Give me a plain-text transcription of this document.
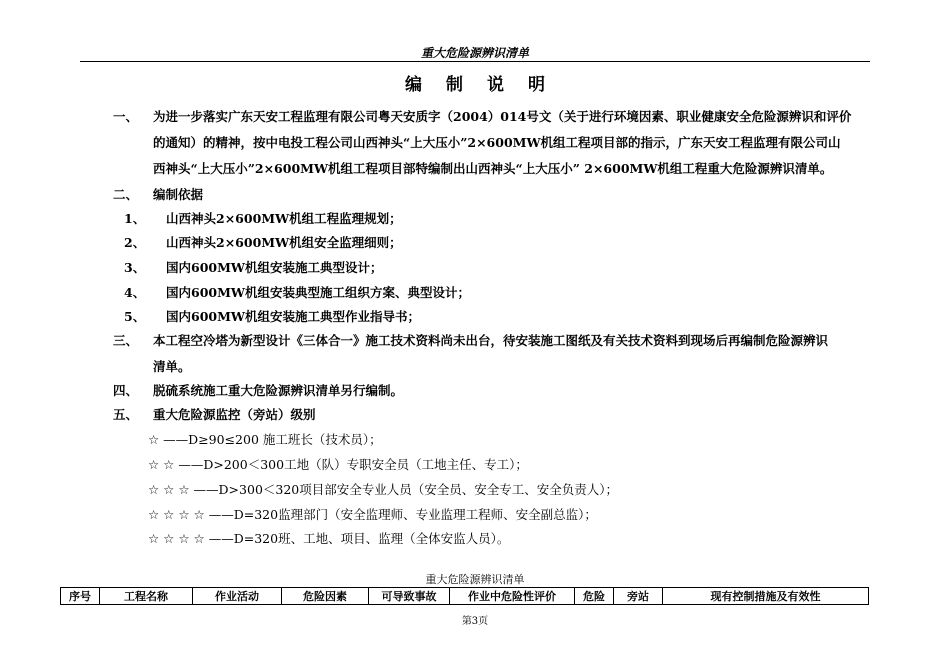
重大危险源辨识清单
编制说明
一、 为进一步落实广东天安工程监理有限公司粤天安质字（2004）014号文（关于进行环境因素、职业健康安全危险源辨识和评价
的通知）的精神，按中电投工程公司山西神头“上大压小”2×600MW机组工程项目部的指示，广东天安工程监理有限公司山
西神头“上大压小”2×600MW机组工程项目部特编制出山西神头“上大压小” 2×600MW机组工程重大危险源辨识清单。
二、 编制依据
1、 山西神头2×600MW机组工程监理规划；
2、 山西神头2×600MW机组安全监理细则；
3、 国内600MW机组安装施工典型设计；
4、 国内600MW机组安装典型施工组织方案、典型设计；
5、 国内600MW机组安装施工典型作业指导书；
三、 本工程空冷塔为新型设计《三体合一》施工技术资料尚未出台，待安装施工图纸及有关技术资料到现场后再编制危险源辨识
清单。
四、 脱硫系统施工重大危险源辨识清单另行编制。
五、 重大危险源监控（旁站）级别
☆ ——D≥90≤200 施工班长（技术员）；
☆ ☆ ——D>200＜300工地（队）专职安全员（工地主任、专工）；
☆ ☆ ☆ ——D>300＜320项目部安全专业人员（安全员、安全专工、安全负责人）；
☆ ☆ ☆ ☆ ——D=320监理部门（安全监理师、专业监理工程师、安全副总监）；
☆ ☆ ☆ ☆ ——D=320班、工地、项目、监理（全体安监人员）。
重大危险源辨识清单
序号	工程名称	作业活动	危险因素	可导致事故	作业中危险性评价	危险	旁站	现有控制措施及有效性
第3页
